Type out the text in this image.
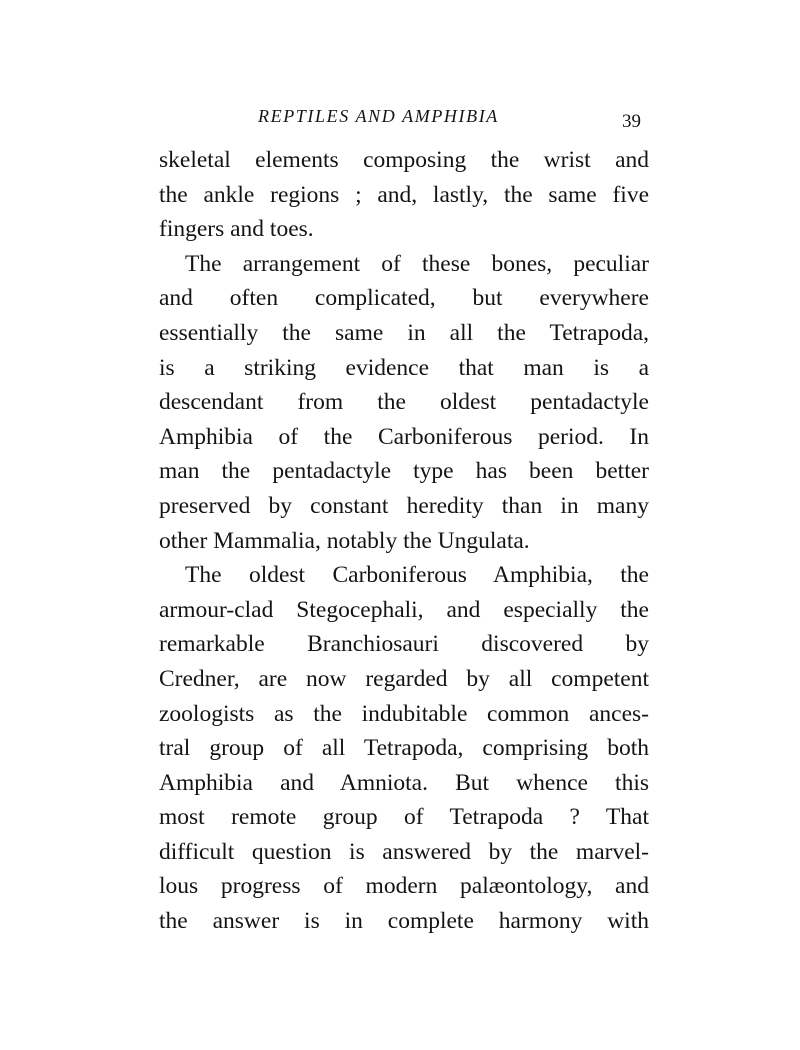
REPTILES AND AMPHIBIA	39
skeletal elements composing the wrist and
the ankle regions ; and, lastly, the same five
fingers and toes.
The arrangement of these bones, peculiar
and often complicated, but everywhere
essentially the same in all the Tetrapoda,
is a striking evidence that man is a
descendant from the oldest pentadactyle
Amphibia of the Carboniferous period. In
man the pentadactyle type has been better
preserved by constant heredity than in many
other Mammalia, notably the Ungulata.
The oldest Carboniferous Amphibia, the
armour-clad Stegocephali, and especially the
remarkable Branchiosauri discovered by
Credner, are now regarded by all competent
zoologists as the indubitable common ances-
tral group of all Tetrapoda, comprising both
Amphibia and Amniota. But whence this
most remote group of Tetrapoda ? That
difficult question is answered by the marvel-
lous progress of modern palæontology, and
the answer is in complete harmony with
